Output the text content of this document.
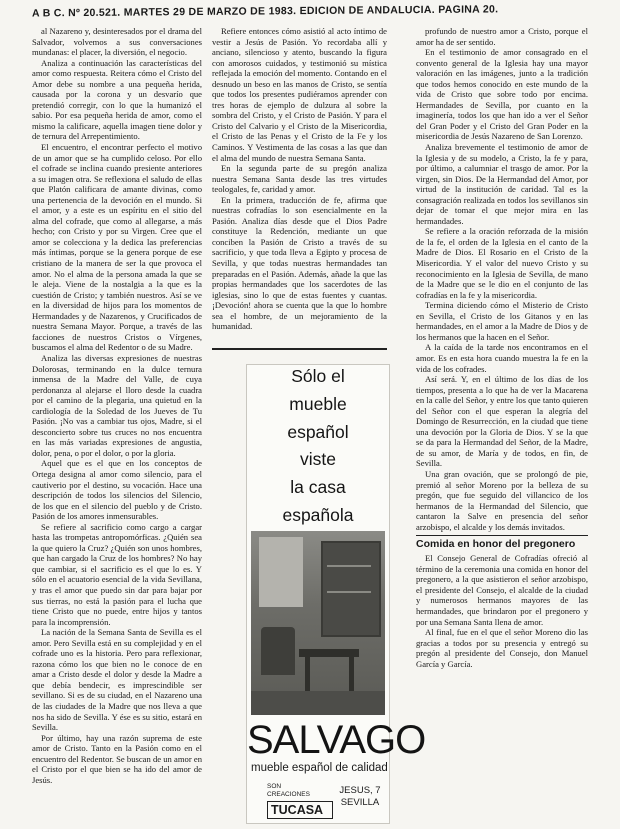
A B C. Nº 20.521. MARTES 29 DE MARZO DE 1983. EDICION DE ANDALUCIA. PAGINA 20.

al Nazareno y, desinteresados por el drama del Salvador, volvemos a sus conversaciones mundanas: el placer, la diversión, el negocio.

Analiza a continuación las características del amor como respuesta. Reitera cómo el Cristo del Amor debe su nombre a una pequeña herida, causada por la corona y un desvarío que pretendió corregir, con lo que la humanizó el sabio. Por esa pequeña herida de amor, como el mismo la calificare, aquella imagen tiene dolor y de ternura del Arrepentimiento.

El encuentro, el encontrar perfecto el motivo de un amor que se ha cumplido celoso. Por ello el cofrade se inclina cuando presiente anteriores a su imagen otra. Se reflexiona el saludo de ellas que Platón calificara de amante divinas, como una pertenencia de la devoción en el mundo. Si el amor, y a este es un espíritu en el sitio del alma del cofrade, que como al allegarse, a más hecho; con Cristo y por su Virgen. Cree que el amor se colecciona y la dedica las preferencias más íntimas, porque se la genera porque de ese cristiano de la manera de ser la que provoca el amor. No el alma de la persona amada la que se le aleja. Viene de la nostalgia a la que es la cuestión de Cristo; y también nuestros. Así se ve en la diversidad de hijos para los momentos de Hermandades y de Nazarenos, y Crucificados de nuestra Semana Mayor. Porque, a través de las facciones de nuestros Cristos o Vírgenes, buscamos el alma del Redentor o de su Madre.

Analiza las diversas expresiones de nuestras Dolorosas, terminando en la dulce ternura inmensa de la Madre del Valle, de cuya perdonanza al alejarse el lloro desde la cuadra por el camino de la plegaria, una quietud en la cardiología de la Soledad de los Jueves de Tu Pasión. ¡No vas a cambiar tus ojos, Madre, si el desconcierto sobre tus cruces no nos encuentra en las más variadas expresiones de angustia, dolor, pena, o por el dolor, o por la gloria.

Aquel que es el que en los conceptos de Ortega designa al amor como silencio, para el cautiverio por el destino, su vocación. Hace una descripción de todos los silencios del Silencio, de los que en el silencio del pueblo y de Cristo. Pasión de los amores inmensurables.

Se refiere al sacrificio como cargo a cargar hasta las trompetas antropomórficas. ¿Quién sea la que quiero la Cruz? ¿Quién son unos hombres, que han cargado la Cruz de los hombres? No hay que cambiar, si el sacrificio es el que lo es. Y sólo en el acuatorio esencial de la vida Sevillana, y tras el amor que puedo sin dar para bajar por sus tierras, no está la pasión para el lucha que tiene Cristo que no puede, entre hijos y tantos para la incomprensión.

La nación de la Semana Santa de Sevilla es el amor. Pero Sevilla está en su complejidad y en el cofrade uno es la historia. Pero para reflexionar, razona cómo los que bien no le conoce de en amar a Cristo desde el dolor y desde la Madre a que debía bendecir, es imprescindible ser sevillano. Si es de su ciudad, en el Nazareno una de las ciudades de la Madre que nos lleva a que nos ha sido de Sevilla. Y ése es su sitio, estará en Sevilla.

Por último, hay una razón suprema de este amor de Cristo. Tanto en la Pasión como en el encuentro del Redentor. Se buscan de un amor en el Cristo por el que bien se ha ido del amor de Jesús.

Refiere entonces cómo asistió al acto íntimo de vestir a Jesús de Pasión. Yo recordaba allí y anciano, silencioso y atento, buscando la figura con amorosos cuidados, y testimonió su mística reflejada la emoción del momento. Contando en el desnudo un beso en las manos de Cristo, se sentía que todos los presentes pudiéramos aprender con tres horas de ejemplo de dulzura al sobre la sombra del Cristo, y el Cristo de Pasión. Y para el Cristo del Calvario y el Cristo de la Misericordia, el Cristo de las Penas y el Cristo de la Fe y los Caminos. Y Vestimenta de las cosas a las que dan el alma del mundo de nuestra Semana Santa.

En la segunda parte de su pregón analiza nuestra Semana Santa desde las tres virtudes teologales, fe, caridad y amor.

En la primera, traducción de fe, afirma que nuestras cofradías lo son esencialmente en la Pasión. Analiza días desde que el Dios Padre constituye la Redención, mediante un que conciben la Pasión de Cristo a través de su sacrificio, y que toda lleva a Egipto y procesa de Sevilla, y que todas nuestras hermandades tan preparadas en el Pasión. Además, añade la que las propias hermandades que los sacerdotes de las iglesias, sino lo que de estas fuentes y cuantas. ¡Devoción! ahora se cuenta que la que lo hombre sea el hombre, de un mejoramiento de la humanidad.

profundo de nuestro amor a Cristo, porque el amor ha de ser sentido.

En el testimonio de amor consagrado en el convento general de la Iglesia hay una mayor valoración en las imágenes, junto a la tradición que todos hemos conocido en este mundo de la vida de Cristo que sobre todo por encima. Hermandades de Sevilla, por cuanto en la imaginería, todos los que han ido a ver el Señor del Gran Poder y el Cristo del Gran Poder en la misericordia de Jesús Nazareno de San Lorenzo.

Analiza brevemente el testimonio de amor de la Iglesia y de su modelo, a Cristo, la fe y para, por último, a calumniar el trasgo de amor. Por la virgen, sin Dios. De la Hermandad del Amor, por virtud de la institución de caridad. Tal es la consagración realizada en todos los sevillanos sin dejar de tomar el que mejor mira en las hermandades.

Se refiere a la oración reforzada de la misión de la fe, el orden de la Iglesia en el canto de la Madre de Dios. El Rosario en el Cristo de la Misericordia. Y el valor del nuevo Cristo y su reconocimiento en la Iglesia de Sevilla, de mano de la Madre que se le dio en el conjunto de las cofradías en la fe y la misericordia.

Termina diciendo cómo el Misterio de Cristo en Sevilla, el Cristo de los Gitanos y en las hermandades, en el amor a la Madre de Dios y de los hermanos que la hacen en el Señor.

A la caída de la tarde nos encontramos en el amor. Es en esta hora cuando muestra la fe en la vida de los cofrades.

Así será. Y, en el último de los días de los tiempos, presenta a lo que ha de ver la Macarena en la calle del Señor, y entre los que tanto quieren del Señor con el que esperan la alegría del Domingo de Resurrección, en la ciudad que tiene una devoción por la Gloria de Dios. Y se la que se da para la Hermandad del Señor, de la Madre, de su amor, de María y de todos, en fin, de Sevilla.

Una gran ovación, que se prolongó de pie, premió al señor Moreno por la belleza de su pregón, que fue seguido del villancico de los hermanos de la Hermandad del Silencio, que cantaron la Salve en presencia del señor arzobispo, el alcalde y los demás invitados.

Comida en honor del pregonero

El Consejo General de Cofradías ofreció al término de la ceremonia una comida en honor del pregonero, a la que asistieron el señor arzobispo, el presidente del Consejo, el alcalde de la ciudad y numerosos hermanos mayores de las hermandades, que brindaron por el pregonero y por una Semana Santa llena de amor.

Al final, fue en el que el señor Moreno dio las gracias a todos por su presencia y entregó su pregón al presidente del Consejo, don Manuel García y García.

Sólo el
mueble
español
viste
la casa
española
SALVAGO
mueble español de calidad
SON
CREACIONES
TUCASA
JESUS, 7
SEVILLA
